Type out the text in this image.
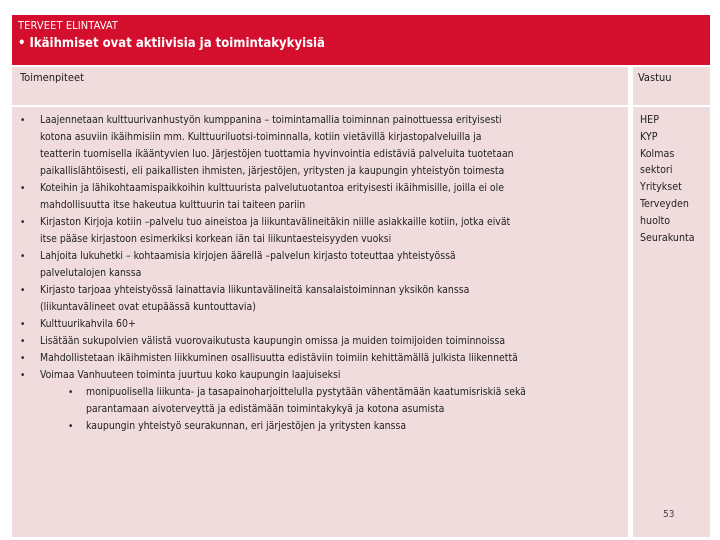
TERVEET ELINTAVAT
• Ikäihmiset ovat aktiivisia ja toimintakykyisiä
Toimenpiteet	Vastuu
• Laajennetaan kulttuurivanhustyön kumppanina – toimintamallia toiminnan painottuessa erityisesti
kotona asuviin ikäihmisiin mm. Kulttuuriluotsi-toiminnalla, kotiin vietävillä kirjastopalveluilla ja
teatterin tuomisella ikääntyvien luo. Järjestöjen tuottamia hyvinvointia edistäviä palveluita tuotetaan
paikallislähtöisesti, eli paikallisten ihmisten, järjestöjen, yritysten ja kaupungin yhteistyön toimesta
• Koteihin ja lähikohtaamispaikkoihin kulttuurista palvelutuotantoa erityisesti ikäihmisille, joilla ei ole
mahdollisuutta itse hakeutua kulttuurin tai taiteen pariin
• Kirjaston Kirjoja kotiin –palvelu tuo aineistoa ja liikuntavälineitäkin niille asiakkaille kotiin, jotka eivät
itse pääse kirjastoon esimerkiksi korkean iän tai liikuntaesteisyyden vuoksi
• Lahjoita lukuhetki – kohtaamisia kirjojen äärellä –palvelun kirjasto toteuttaa yhteistyössä
palvelutalojen kanssa
• Kirjasto tarjoaa yhteistyössä lainattavia liikuntavälineitä kansalaistoiminnan yksikön kanssa
(liikuntavälineet ovat etupäässä kuntouttavia)
• Kulttuurikahvila 60+
• Lisätään sukupolvien välistä vuorovaikutusta kaupungin omissa ja muiden toimijoiden toiminnoissa
• Mahdollistetaan ikäihmisten liikkuminen osallisuutta edistäviin toimiin kehittämällä julkista liikennettä
• Voimaa Vanhuuteen toiminta juurtuu koko kaupungin laajuiseksi
• monipuolisella liikunta- ja tasapainoharjoittelulla pystytään vähentämään kaatumisriskiä sekä
parantamaan aivoterveyttä ja edistämään toimintakykyä ja kotona asumista
• kaupungin yhteistyö seurakunnan, eri järjestöjen ja yritysten kanssa
HEP
KYP
Kolmas
sektori
Yritykset
Terveyden
huolto
Seurakunta
53
